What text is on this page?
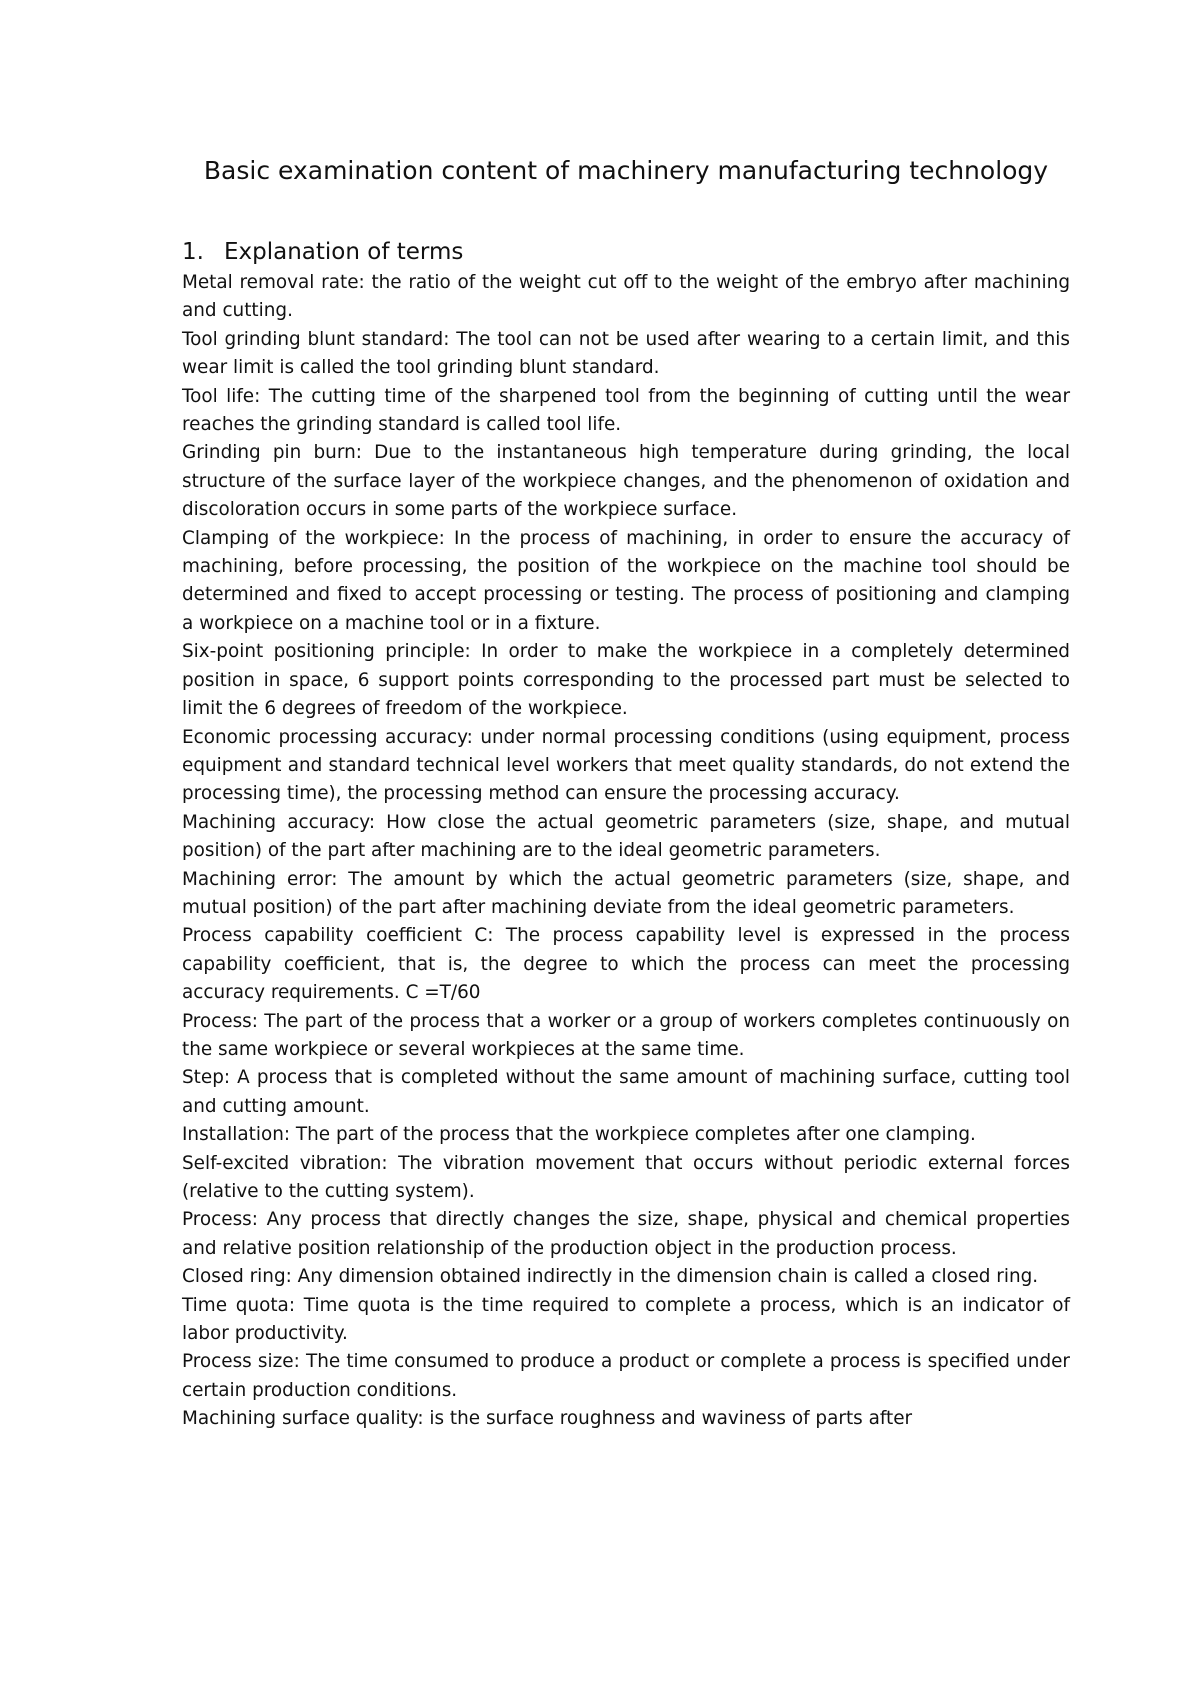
Basic examination content of machinery manufacturing technology
1. Explanation of terms

Metal removal rate: the ratio of the weight cut off to the weight of the embryo after machining and cutting.

Tool grinding blunt standard: The tool can not be used after wearing to a certain limit, and this wear limit is called the tool grinding blunt standard.

Tool life: The cutting time of the sharpened tool from the beginning of cutting until the wear reaches the grinding standard is called tool life.

Grinding pin burn: Due to the instantaneous high temperature during grinding, the local structure of the surface layer of the workpiece changes, and the phenomenon of oxidation and discoloration occurs in some parts of the workpiece surface.

Clamping of the workpiece: In the process of machining, in order to ensure the accuracy of machining, before processing, the position of the workpiece on the machine tool should be determined and fixed to accept processing or testing. The process of positioning and clamping a workpiece on a machine tool or in a fixture.

Six-point positioning principle: In order to make the workpiece in a completely determined position in space, 6 support points corresponding to the processed part must be selected to limit the 6 degrees of freedom of the workpiece.

Economic processing accuracy: under normal processing conditions (using equipment, process equipment and standard technical level workers that meet quality standards, do not extend the processing time), the processing method can ensure the processing accuracy.

Machining accuracy: How close the actual geometric parameters (size, shape, and mutual position) of the part after machining are to the ideal geometric parameters.

Machining error: The amount by which the actual geometric parameters (size, shape, and mutual position) of the part after machining deviate from the ideal geometric parameters.

Process capability coefficient C: The process capability level is expressed in the process capability coefficient, that is, the degree to which the process can meet the processing accuracy requirements. C =T/60

Process: The part of the process that a worker or a group of workers completes continuously on the same workpiece or several workpieces at the same time.

Step: A process that is completed without the same amount of machining surface, cutting tool and cutting amount.

Installation: The part of the process that the workpiece completes after one clamping.

Self-excited vibration: The vibration movement that occurs without periodic external forces (relative to the cutting system).

Process: Any process that directly changes the size, shape, physical and chemical properties and relative position relationship of the production object in the production process.

Closed ring: Any dimension obtained indirectly in the dimension chain is called a closed ring.

Time quota: Time quota is the time required to complete a process, which is an indicator of labor productivity.

Process size: The time consumed to produce a product or complete a process is specified under certain production conditions.

Machining surface quality: is the surface roughness and waviness of parts after
